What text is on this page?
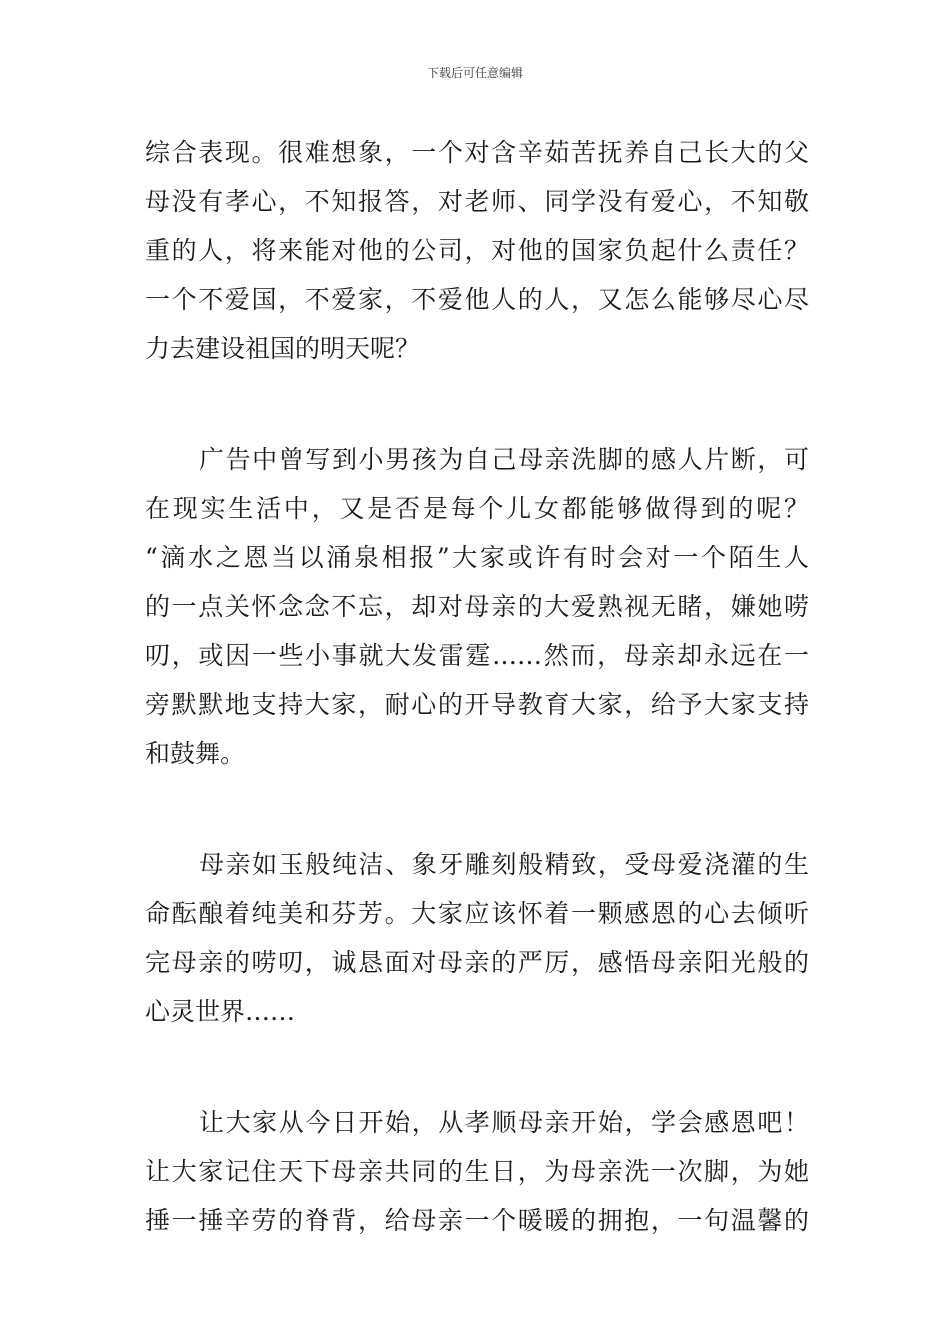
下载后可任意编辑
综合表现。很难想象，一个对含辛茹苦抚养自己长大的父
母没有孝心，不知报答，对老师、同学没有爱心，不知敬
重的人，将来能对他的公司，对他的国家负起什么责任？
一个不爱国，不爱家，不爱他人的人，又怎么能够尽心尽
力去建设祖国的明天呢？
广告中曾写到小男孩为自己母亲洗脚的感人片断，可
在现实生活中，又是否是每个儿女都能够做得到的呢？
“滴水之恩当以涌泉相报”大家或许有时会对一个陌生人
的一点关怀念念不忘，却对母亲的大爱熟视无睹，嫌她唠
叨，或因一些小事就大发雷霆……然而，母亲却永远在一
旁默默地支持大家，耐心的开导教育大家，给予大家支持
和鼓舞。
母亲如玉般纯洁、象牙雕刻般精致，受母爱浇灌的生
命酝酿着纯美和芬芳。大家应该怀着一颗感恩的心去倾听
完母亲的唠叨，诚恳面对母亲的严厉，感悟母亲阳光般的
心灵世界……
让大家从今日开始，从孝顺母亲开始，学会感恩吧！
让大家记住天下母亲共同的生日，为母亲洗一次脚，为她
捶一捶辛劳的脊背，给母亲一个暖暖的拥抱，一句温馨的
